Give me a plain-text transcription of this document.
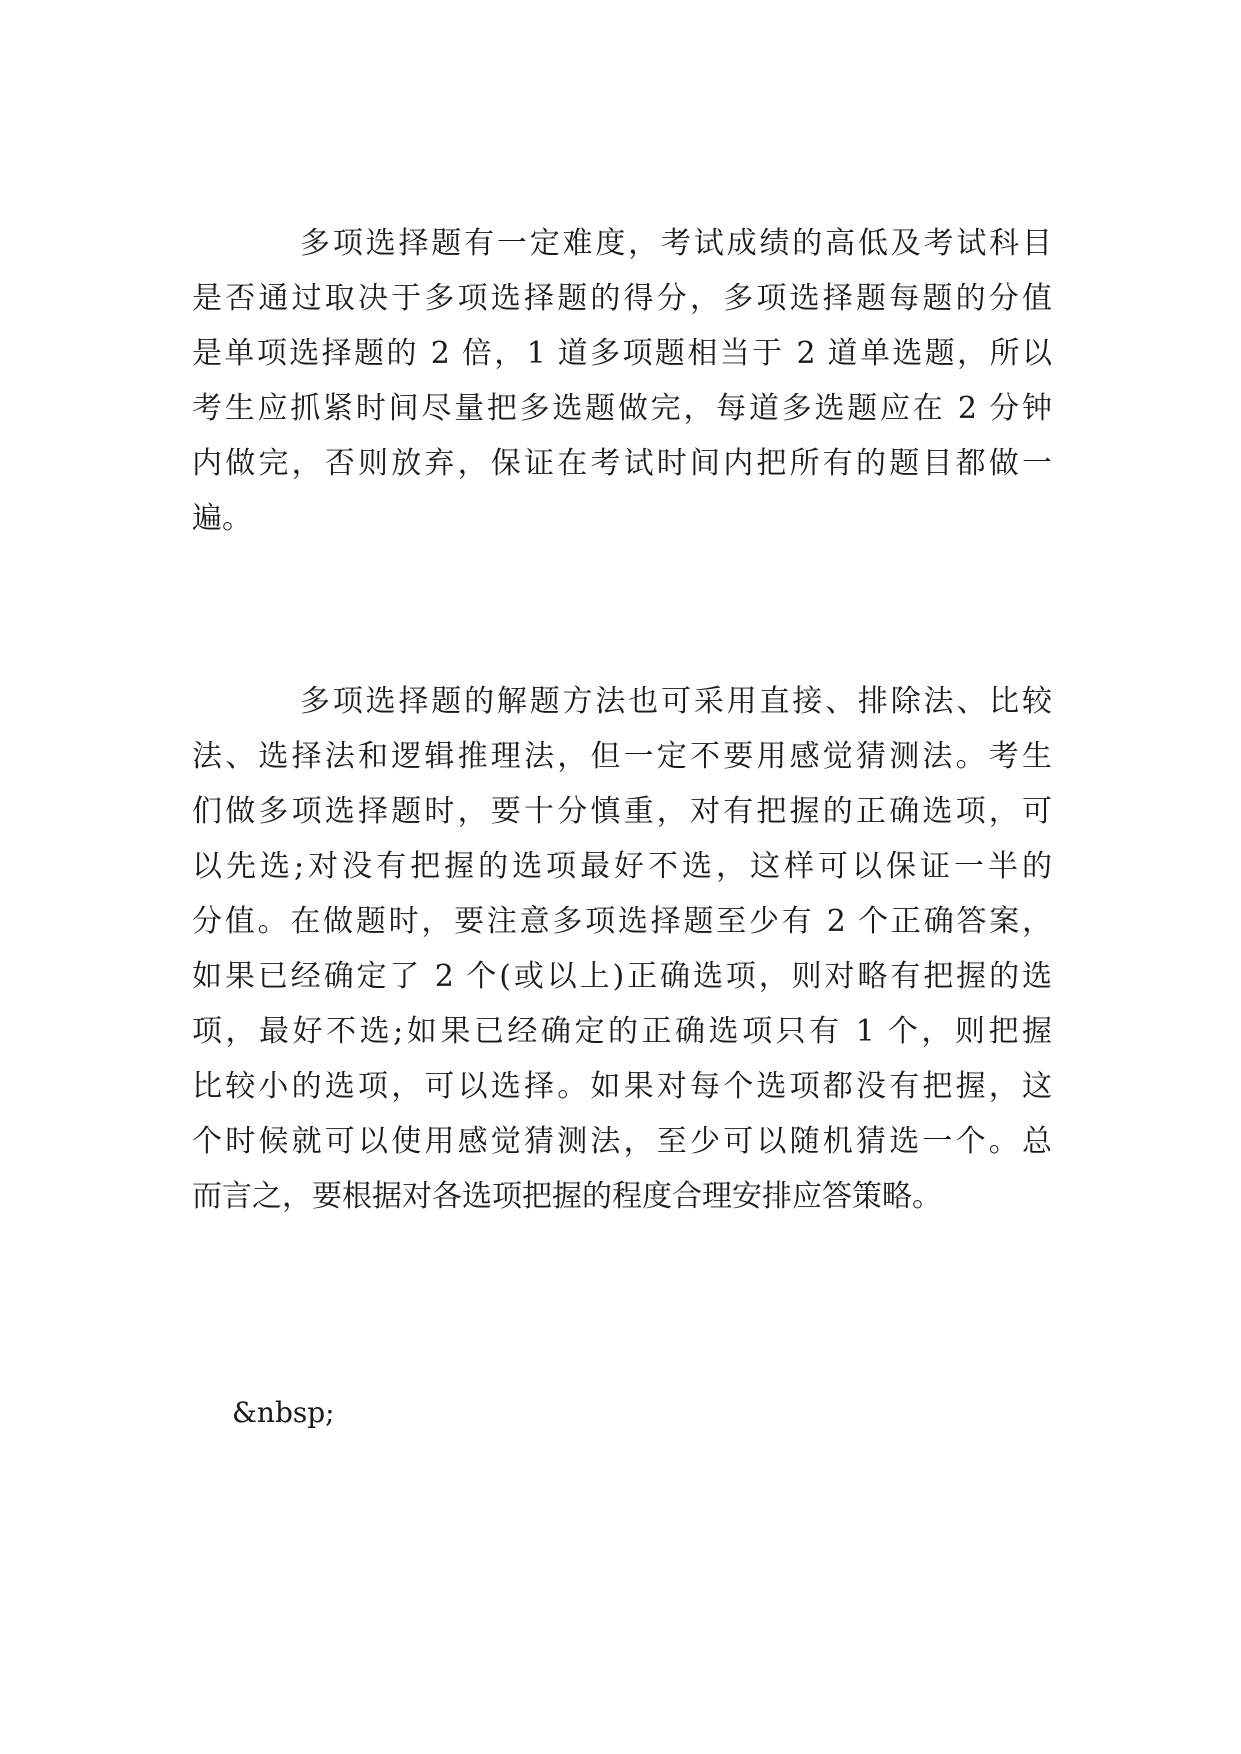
多项选择题有一定难度，考试成绩的高低及考试科目
是否通过取决于多项选择题的得分，多项选择题每题的分值
是单项选择题的 2 倍，1 道多项题相当于 2 道单选题，所以
考生应抓紧时间尽量把多选题做完，每道多选题应在 2 分钟
内做完，否则放弃，保证在考试时间内把所有的题目都做一
遍。
多项选择题的解题方法也可采用直接、排除法、比较
法、选择法和逻辑推理法，但一定不要用感觉猜测法。考生
们做多项选择题时，要十分慎重，对有把握的正确选项，可
以先选;对没有把握的选项最好不选，这样可以保证一半的
分值。在做题时，要注意多项选择题至少有 2 个正确答案，
如果已经确定了 2 个(或以上)正确选项，则对略有把握的选
项，最好不选;如果已经确定的正确选项只有 1 个，则把握
比较小的选项，可以选择。如果对每个选项都没有把握，这
个时候就可以使用感觉猜测法，至少可以随机猜选一个。总
而言之，要根据对各选项把握的程度合理安排应答策略。
&nbsp;
